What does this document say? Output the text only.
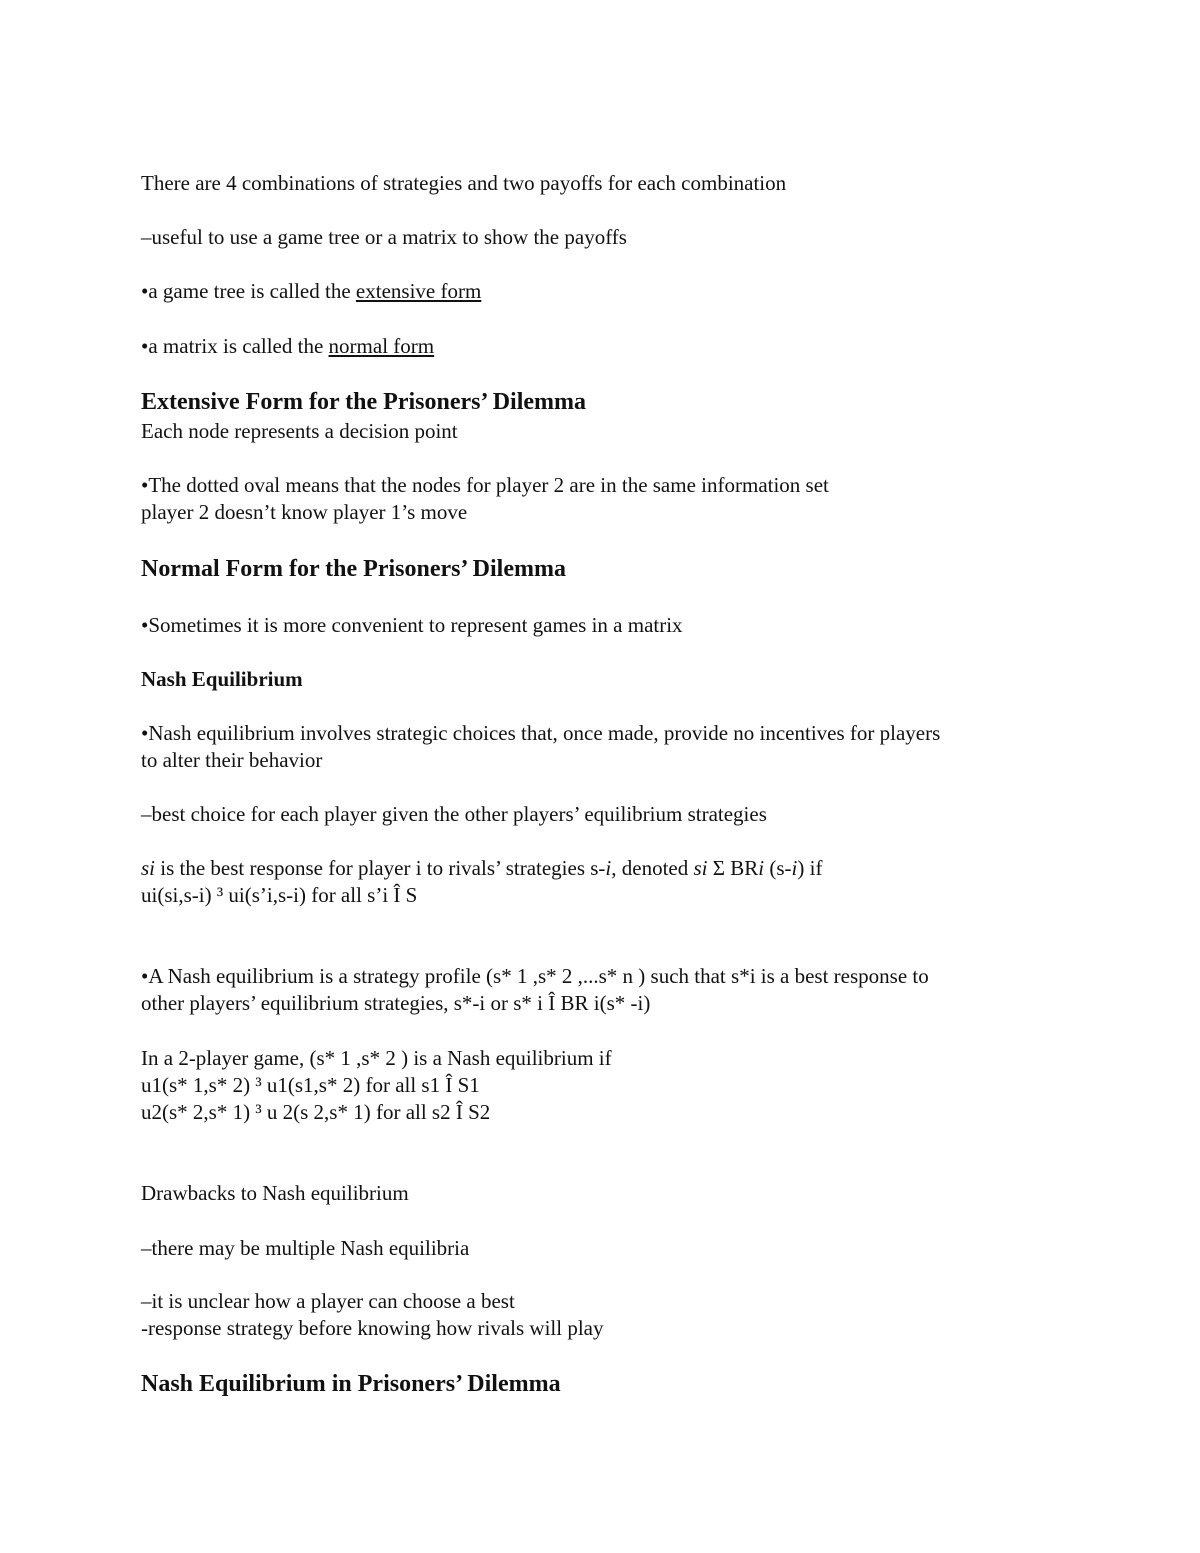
There are 4 combinations of strategies and two payoffs for each combination

–useful to use a game tree or a matrix to show the payoffs

•a game tree is called the extensive form

•a matrix is called the normal form

Extensive Form for the Prisoners’ Dilemma

Each node represents a decision point

•The dotted oval means that the nodes for player 2 are in the same information set

player 2 doesn’t know player 1’s move

Normal Form for the Prisoners’ Dilemma

•Sometimes it is more convenient to represent games in a matrix

Nash Equilibrium

•Nash equilibrium involves strategic choices that, once made, provide no incentives for players

to alter their behavior

–best choice for each player given the other players’ equilibrium strategies

si is the best response for player i to rivals’ strategies s-i, denoted si Σ BRi (s-i) if

ui(si,s-i) ³ ui(s’i,s-i) for all s’i Î S

•A Nash equilibrium is a strategy profile (s* 1 ,s* 2 ,...s* n ) such that s*i is a best response to

other players’ equilibrium strategies, s*-i or s* i Î BR i(s* -i)

In a 2-player game, (s* 1 ,s* 2 ) is a Nash equilibrium if

u1(s* 1,s* 2) ³ u1(s1,s* 2) for all s1 Î S1

u2(s* 2,s* 1) ³ u 2(s 2,s* 1) for all s2 Î S2

Drawbacks to Nash equilibrium

–there may be multiple Nash equilibria

–it is unclear how a player can choose a best

-response strategy before knowing how rivals will play

Nash Equilibrium in Prisoners’ Dilemma
